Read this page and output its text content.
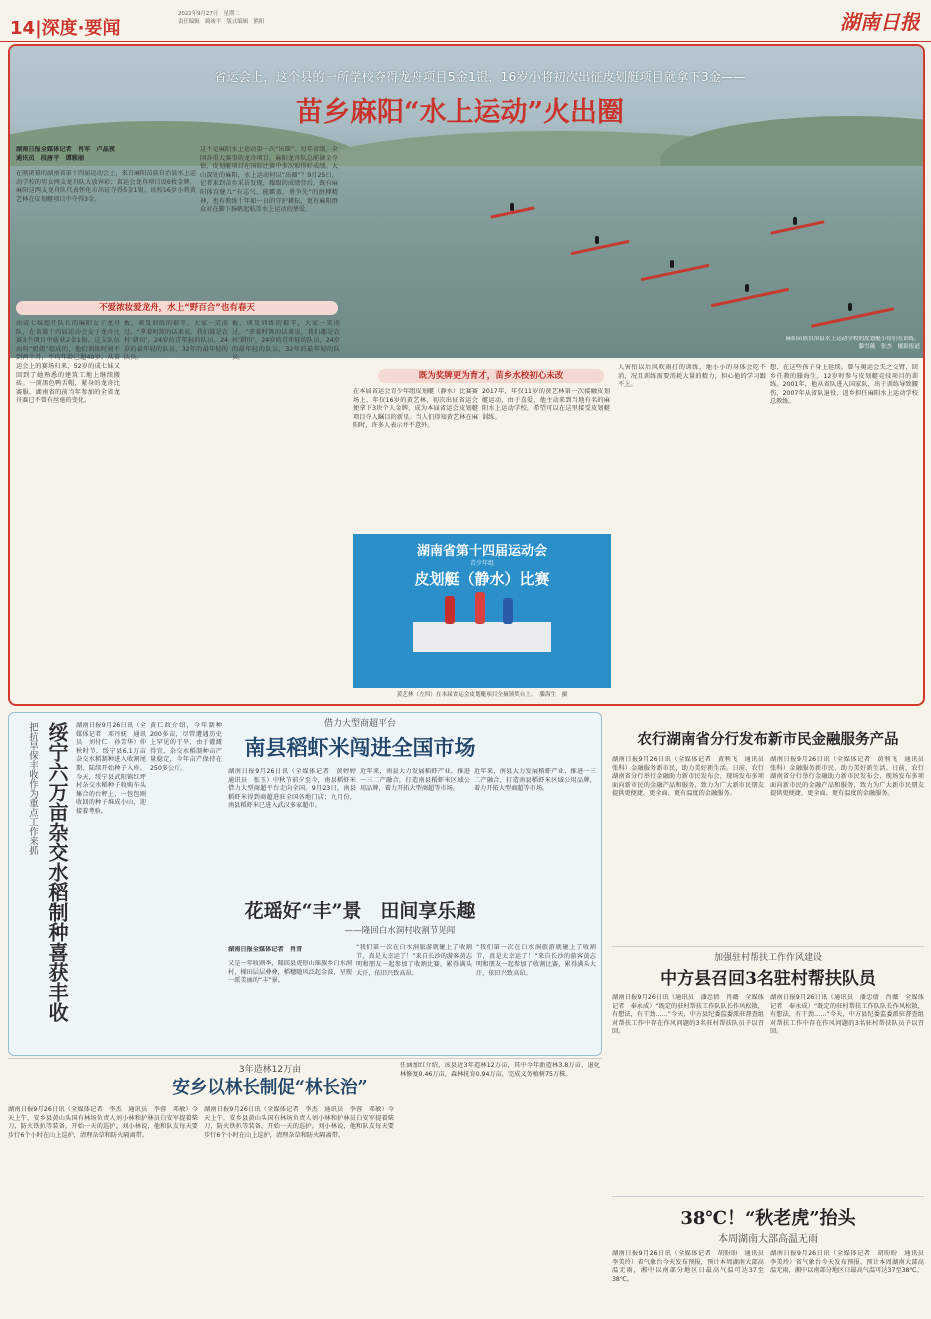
14|深度·要闻
2022年9月27日　星期二
责任编辑　蔺竣平　版式编辑　熊阳	湖南日报
省运会上，这个县的一所学校夺得龙舟项目5金1银，16岁小将初次出征皮划艇项目就拿下3金——
苗乡麻阳“水上运动”火出圈
麻阳苗族自治县水上运动学校的皮划艇小将们在训练。
滕雪薇　张杰　摄影报道
湖南日报全媒体记者　肖军　卢晶夜
通讯员　段唐平　谭雅丽
在刚闭幕的湖南省第十四届运动会上，来自麻阳苗族自治县水上运动学校的男女两支龙舟队大放异彩；省运会龙舟项目设6枚金牌，麻阳这两支龙舟队代表怀化市出征夺得5金1银。该校16岁小将黄艺林在皮划艇项目中夺得3金。
这不是麻阳水上运动第一次“出圈”。每年省级、全国各重大赛事的龙舟项目，麻阳龙舟队总能摘金夺银，皮划艇项目在国际比赛中多次取得好成绩。大山深处的麻阳，水上运动何以“出圈”？9月25日，记者来到苗乡采访发现，耀眼的成绩背后，既有麻阳体育健儿“有志气、能霸蛮、勇争先”的拼搏精神，也有教练十年如一日的守护耕耘，更有麻阳群众对在脚下扬帆起航等水上运动的挚爱。
不爱浓妆爱龙舟，水上“野百合”也有春天
由或七妹组任队长的麻阳女子龙舟队，在省第十四届运动会女子龙舟比赛3个项目中斩获2金1银。这支队伍由叫“姐姐”组成的，他们训练时间不到两个月，平均年龄已超40岁。从省运会上的赛场归来，52岁的成七妹又回到了她熟悉的建筑工地上继续搬砖。一顶黑色鸭舌帽，紧身的龙舟比赛服，湖南省的前当年参加的全省龙舟赛已不曾有丝毫的变化。
板、谈及训练的艰辛，大家一笑而过。“拿着时篙的话来说，我们都是农村‘耕田’，24岁的青年轻的队员，24岁的最年轻的队员，32年的最年轻的队员。
板、谈及训练的艰辛，大家一笑而过。“拿着时篙的话来说，我们都是农村‘耕田’，24岁的青年轻的队员，24岁的最年轻的队员，32年的最年轻的队员。
既为奖牌更为育才，苗乡水校初心未改
在本届省运会青少年组皮划艇（静水）比赛赛场上，年仅16岁的黄艺林，初次出征省运会便拿下3块个人金牌，成为本届省运会皮划艇项目夺人瞩目的新星。当人们得知黄艺林在麻阳时，许多人表示并不意外。
2017年，年仅11岁的黄艺林第一次接触皮划艇运动，由于喜爱，他主动来到当地有名的麻阳水上运动学校，希望可以在这里接受皮划艇训练。
湖南省第十四届运动会
青少年组
皮划艇（静水）比赛
黄艺林（左四）在本届省运会皮划艇项目全摘领奖台上。　滕海生　摄
人害怕以后风吹雨打的训练，地小小的身体会吃不消，况且训练需要消耗大量的精力，担心他的学习跟不上。
想，在这些孩子身上延续。曾与奥运会失之交臂，回乡任教的滕海生，12岁时参与皮划艇竞技项目的训练。2001年，他从省队进入国家队，出于训练导致腰伤，2007年从省队退役，返乡担任麻阳水上运动学校总教练。
把抗旱保丰收作为重点工作来抓 绥宁六万亩杂交水稻制种喜获丰收 湖南日报9月26日讯（全媒体记者　邓丹妩　通讯员　刘付仁　孙芳华）仲秋时节，绥宁县6.1万亩杂交水稻制种进入收割尾期，陆续开始种子入库。今天，绥宁县武阳镇红坪村杂交水稻种子收购车头集合的台秤上，一包包刚收回的种子堆成小山，迎接着考验。
黄仁政介绍，今年制种200多亩，尽管遭遇历史上罕见的干旱，由于灌溉得宜，杂交水稻制种亩产量稳定，今年亩产保持在250多公斤。
借力大型商超平台
南县稻虾米闯进全国市场
湖南日报9月26日讯（全媒体记者　黄婷婷　通讯员　张玉）中秋节前夕至今，南县稻虾米借力大型商超平台走向全国。9月23日，南县稻虾米得到商超进驻全国各地门店；九月份，南县稻虾米已进入武汉多家超市。
近年来，南县大力发展稻虾产业，推进一三二产融合，打造南县稻虾米区域公用品牌，着力开拓大型商超等市场。
近年来，南县大力发展稻虾产业，推进一三二产融合，打造南县稻虾米区域公用品牌，着力开拓大型商超等市场。
花瑶好“丰”景　田间享乐趣
——隆回白水洞村收割节见闻
湖南日报全媒体记者　肖青
又是一年收割季，隆回县虎形山瑶族乡白水洞村，梯田层层叠叠，稻穗随风泛起金波，呈现一派美丽的“丰”景。
“我们第一次在白水洞旅游就碰上了收割节，真是太幸运了！”来自长沙的游客黄志明和朋友一起参加了收割比赛，累得满头大汗，依旧兴致高昂。
“我们第一次在白水洞旅游就碰上了收割节，真是太幸运了！”来自长沙的游客黄志明和朋友一起参加了收割比赛，累得满头大汗，依旧兴致高昂。
农行湖南省分行发布新市民金融服务产品
湖南日报9月26日讯（全媒体记者　黄利飞　通讯员　张科）金融服务新市民，助力美好新生活。日前，农行湖南省分行举行金融助力新市民发布会，现场发布多项面向新市民的金融产品和服务，致力为广大新市民朋友提供更便捷、更全面、更有温度的金融服务。
湖南日报9月26日讯（全媒体记者　黄利飞　通讯员　张科）金融服务新市民，助力美好新生活。日前，农行湖南省分行举行金融助力新市民发布会，现场发布多项面向新市民的金融产品和服务，致力为广大新市民朋友提供更便捷、更全面、更有温度的金融服务。
加强驻村帮扶工作作风建设
中方县召回3名驻村帮扶队员
湖南日报9月26日讯（通讯员　潘忠倩　肖薇　全媒体记者　奉永成）“既定的驻村帮扶工作队队长作风松散，有想法，有干劲……”今天，中方县纪委监委派驻督查组对帮扶工作中存在作风问题的3名驻村帮扶队员予以召回。
湖南日报9月26日讯（通讯员　潘忠倩　肖薇　全媒体记者　奉永成）“既定的驻村帮扶工作队队长作风松散，有想法，有干劲……”今天，中方县纪委监委派驻督查组对帮扶工作中存在作风问题的3名驻村帮扶队员予以召回。
38℃！“秋老虎”抬头
本周湖南大部高温无雨
湖南日报9月26日讯（全媒体记者　胡盼盼　通讯员　李美玲）省气象台今天发布预报，预计本周湖南大部高温无雨，湘中以南部分地区日最高气温可达37至38℃。
湖南日报9月26日讯（全媒体记者　胡盼盼　通讯员　李美玲）省气象台今天发布预报，预计本周湖南大部高温无雨，湘中以南部分地区日最高气温可达37至38℃。
3年造林12万亩
安乡以林长制促“林长治”
湖南日报9月26日讯（全媒体记者　李杰　通讯员　李蓉　邓敏）今天上午，安乡县黄山头国有林场负责人刘小林和护林员白安军提着柴刀，防火铁扒等装备，开始一天的巡护。刘小林说，他和队友每天要步行6个小时在山上巡护，清理杂草和防火隔离带。
湖南日报9月26日讯（全媒体记者　李杰　通讯员　李蓉　邓敏）今天上午，安乡县黄山头国有林场负责人刘小林和护林员白安军提着柴刀，防火铁扒等装备，开始一天的巡护。刘小林说，他和队友每天要步行6个小时在山上巡护，清理杂草和防火隔离带。
任涵加红介绍，该县近3年造林12万亩，其中今年新造林3.8万亩，退化林修复0.46万亩，森林抚育0.94万亩，完成义务植树75万株。
